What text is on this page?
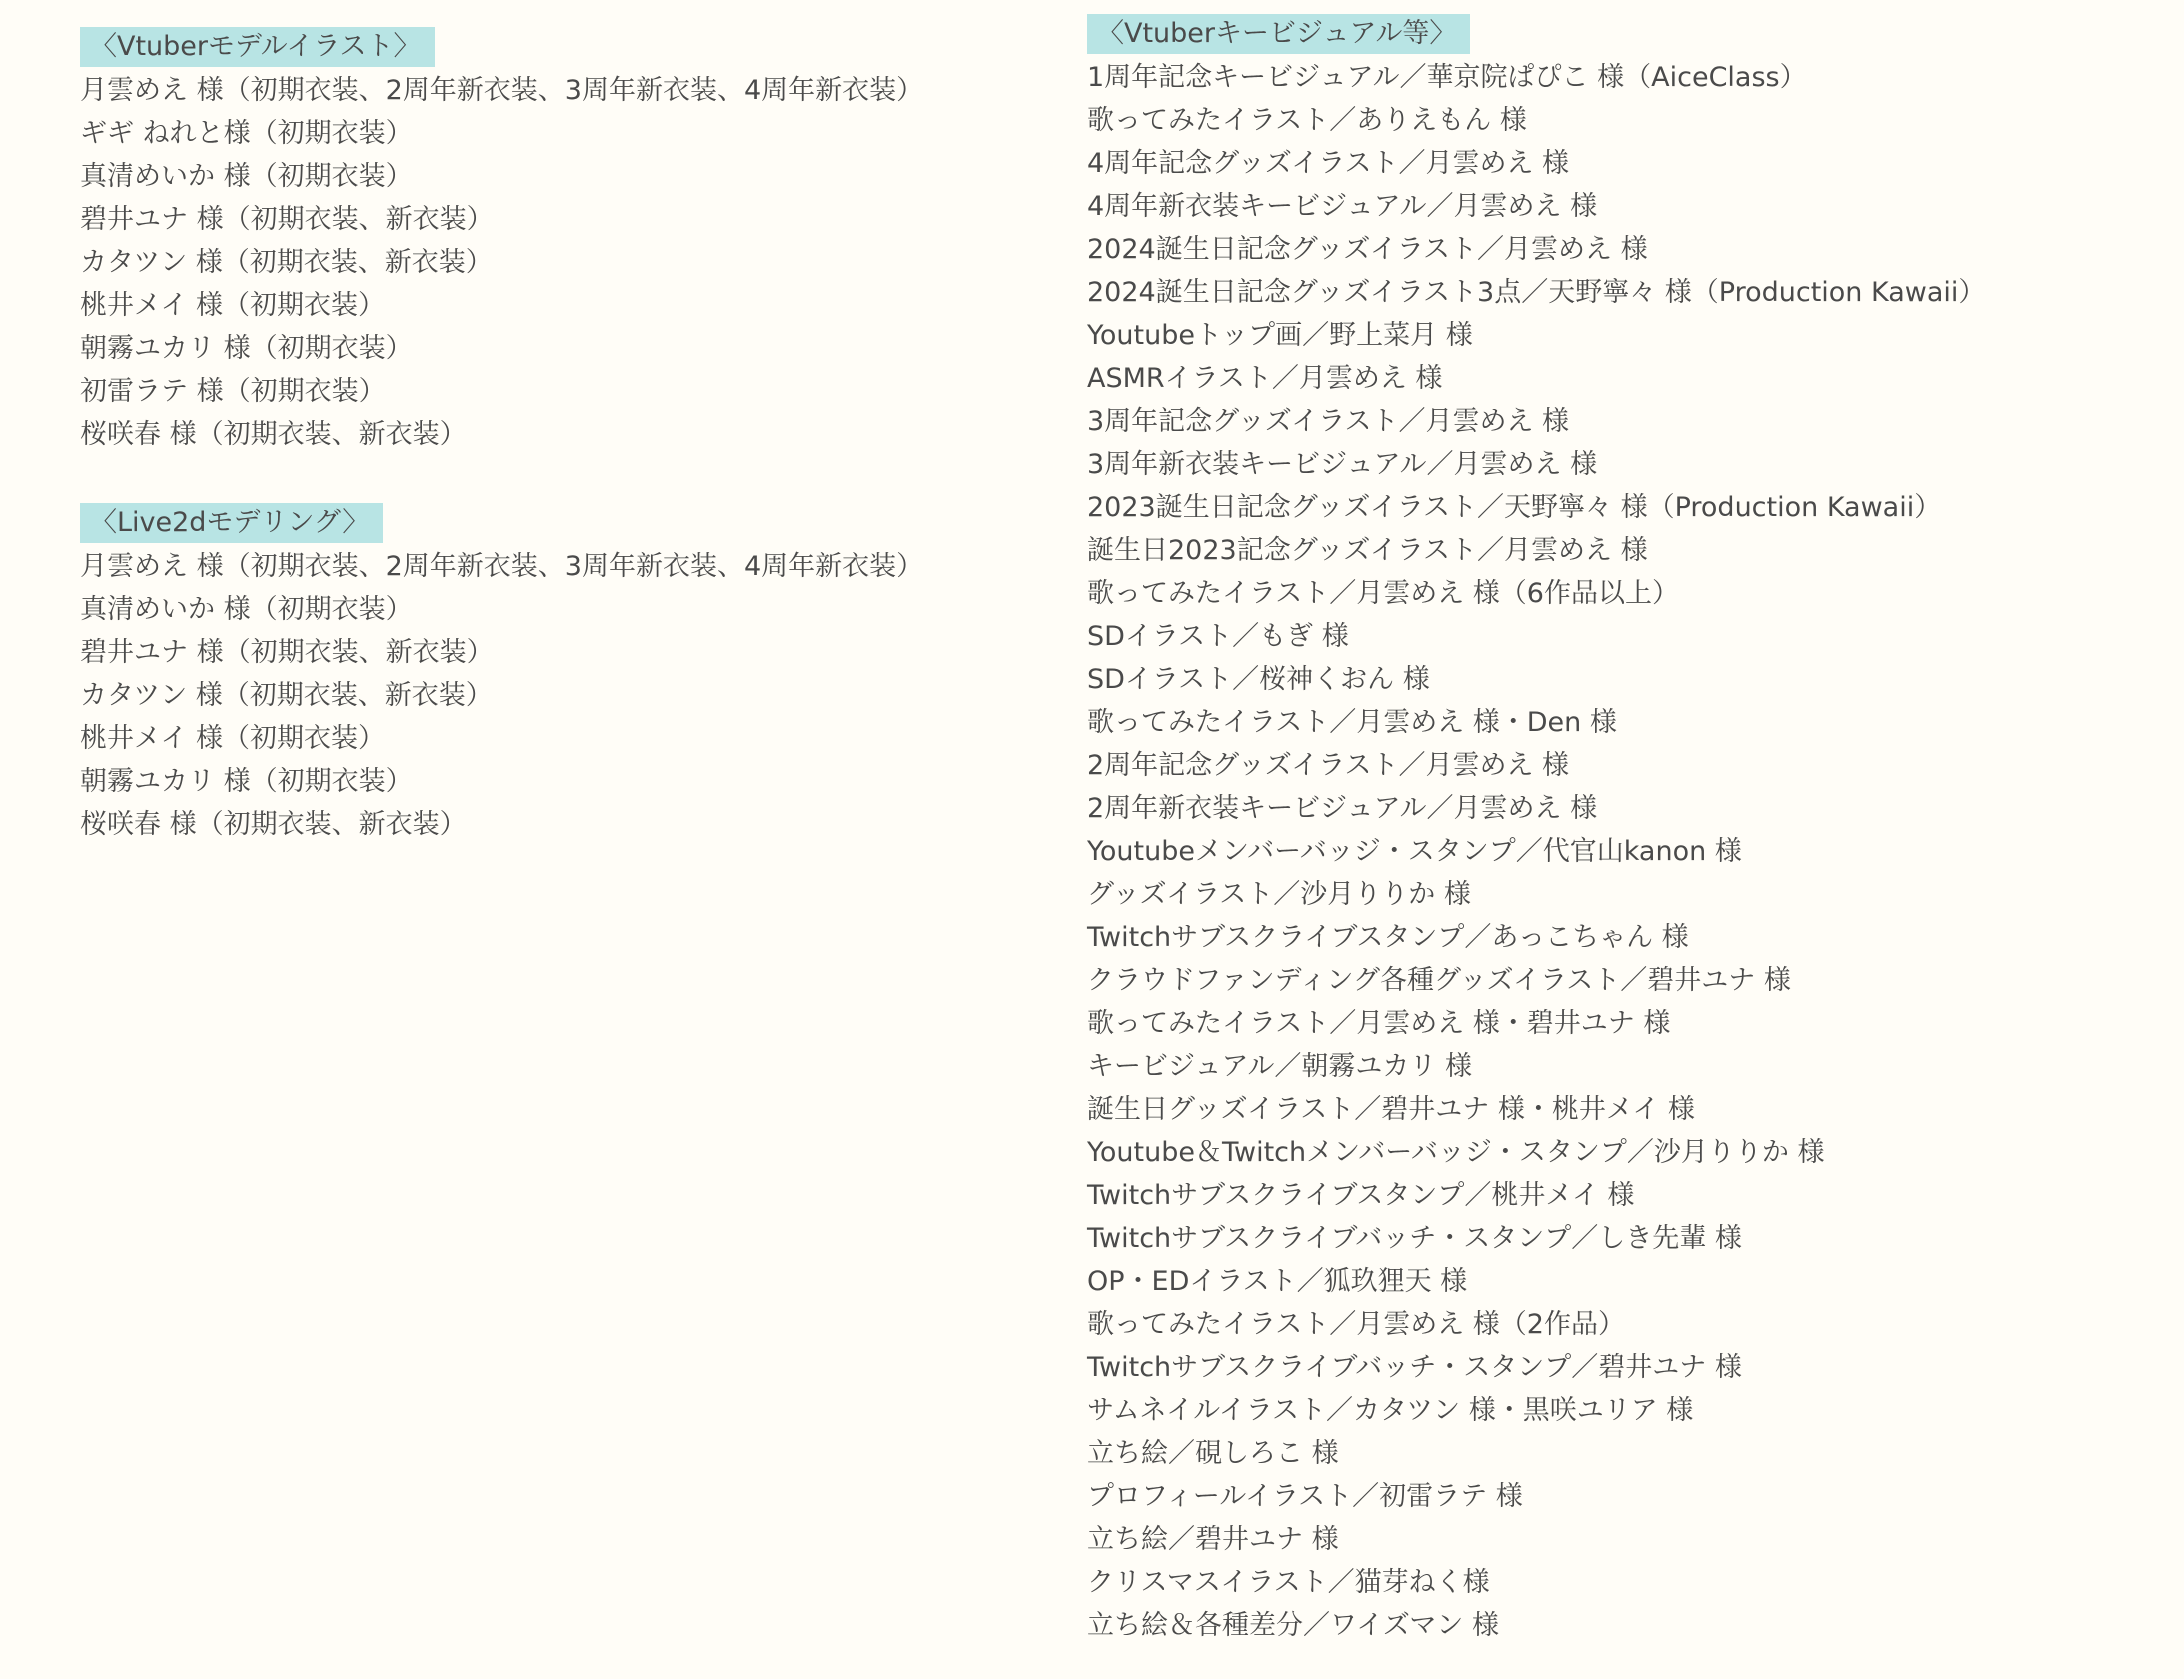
〈Vtuberモデルイラスト〉
月雲めえ 様（初期衣装、2周年新衣装、3周年新衣装、4周年新衣装）
ギギ ねれと様（初期衣装）
真清めいか 様（初期衣装）
碧井ユナ 様（初期衣装、新衣装）
カタツン 様（初期衣装、新衣装）
桃井メイ 様（初期衣装）
朝霧ユカリ 様（初期衣装）
初雷ラテ 様（初期衣装）
桜咲春 様（初期衣装、新衣装）
〈Live2dモデリング〉
月雲めえ 様（初期衣装、2周年新衣装、3周年新衣装、4周年新衣装）
真清めいか 様（初期衣装）
碧井ユナ 様（初期衣装、新衣装）
カタツン 様（初期衣装、新衣装）
桃井メイ 様（初期衣装）
朝霧ユカリ 様（初期衣装）
桜咲春 様（初期衣装、新衣装）
〈Vtuberキービジュアル等〉
1周年記念キービジュアル／華京院ぱぴこ 様（AiceClass）
歌ってみたイラスト／ありえもん 様
4周年記念グッズイラスト／月雲めえ 様
4周年新衣装キービジュアル／月雲めえ 様
2024誕生日記念グッズイラスト／月雲めえ 様
2024誕生日記念グッズイラスト3点／天野寧々 様（Production Kawaii）
Youtubeトップ画／野上菜月 様
ASMRイラスト／月雲めえ 様
3周年記念グッズイラスト／月雲めえ 様
3周年新衣装キービジュアル／月雲めえ 様
2023誕生日記念グッズイラスト／天野寧々 様（Production Kawaii）
誕生日2023記念グッズイラスト／月雲めえ 様
歌ってみたイラスト／月雲めえ 様（6作品以上）
SDイラスト／もぎ 様
SDイラスト／桜神くおん 様
歌ってみたイラスト／月雲めえ 様・Den 様
2周年記念グッズイラスト／月雲めえ 様
2周年新衣装キービジュアル／月雲めえ 様
Youtubeメンバーバッジ・スタンプ／代官山kanon 様
グッズイラスト／沙月りりか 様
Twitchサブスクライブスタンプ／あっこちゃん 様
クラウドファンディング各種グッズイラスト／碧井ユナ 様
歌ってみたイラスト／月雲めえ 様・碧井ユナ 様
キービジュアル／朝霧ユカリ 様
誕生日グッズイラスト／碧井ユナ 様・桃井メイ 様
Youtube＆Twitchメンバーバッジ・スタンプ／沙月りりか 様
Twitchサブスクライブスタンプ／桃井メイ 様
Twitchサブスクライブバッチ・スタンプ／しき先輩 様
OP・EDイラスト／狐玖狸天 様
歌ってみたイラスト／月雲めえ 様（2作品）
Twitchサブスクライブバッチ・スタンプ／碧井ユナ 様
サムネイルイラスト／カタツン 様・黒咲ユリア 様
立ち絵／硯しろこ 様
プロフィールイラスト／初雷ラテ 様
立ち絵／碧井ユナ 様
クリスマスイラスト／猫芽ねく様
立ち絵＆各種差分／ワイズマン 様
